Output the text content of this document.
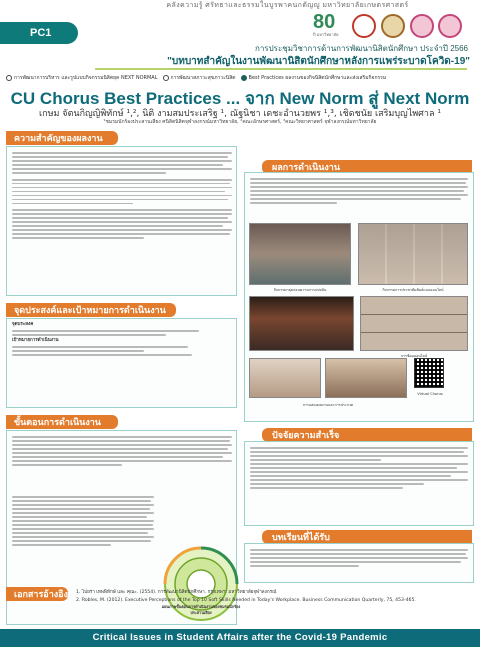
คลังความรู้ ศรัทธาและธรรมในบูรพาคนกตัญญู มหาวิทยาลัยเกษตรศาสตร์
PC1	80
ปี มหาวิทยาลัย
การประชุมวิชาการด้านการพัฒนานิสิตนักศึกษา ประจำปี 2566
"บทบาทสำคัญในงานพัฒนานิสิตนักศึกษาหลังการแพร่ระบาดโควิด-19"
การพัฒนาการบริหาร และรูปแบบกิจกรรมนิสิตยุค NEXT NORMAL	การพัฒนาสภาวะสุขภาวะนิสิต	Best Practices ผลงานของกิจนิสิตนักศึกษาและส่งเสริมกิจกรรม
CU Chorus Best Practices ... จาก New Norm สู่ Next Norm
เกษม จัตนกิญญิพิทักษ์ ¹,², นิติ งามสมประเสริฐ ¹, ณัฐนิชา เดชะอำนวยพร ¹,³, เชิดชนัย เสริมบุญไพศาล ¹
¹ชมรมนักร้องประสานเสียง ศนิสิตนิสิตจุฬาลงกรณ์มหาวิทยาลัย, ²คณะอักษรศาสตร์, ³คณะวิทยาศาสตร์ จุฬาลงกรณ์มหาวิทยาลัย
ความสำคัญของผลงาน
จุดประสงค์และเป้าหมายการดำเนินงาน
จุดประสงค์
เป้าหมายการดำเนินงาน
ขั้นตอนการดำเนินงาน
แผนภาพขั้นตอนการดำเนินงานของชมรมนักร้องประสานเสียง
ผลการดำเนินงาน
กิจกรรมกลุ่มก่อนความการแข่งขัน	กิจกรรมการประชาสัมพันธ์แบบออนไลน์
การซ้อมออนไลน์
การแสดงผลงานและการประกวด
Virtual Chorus
ปัจจัยความสำเร็จ
บทเรียนที่ได้รับ
เอกสารอ้างอิง 1. ไปยรา เทพพิทักษ์ และ คุณะ. (2554). การพัฒนานิสิตนักศึกษา. กรุงเทพฯ: มหาวิทยาลัยจุฬาลงกรณ์
2. Robles, M. (2012). Executive Perceptions of the Top 10 Soft Skills Needed in Today's Workplace. Business Communication Quarterly, 75, 453-465.
Critical Issues in Student Affairs after the Covid-19 Pandemic
